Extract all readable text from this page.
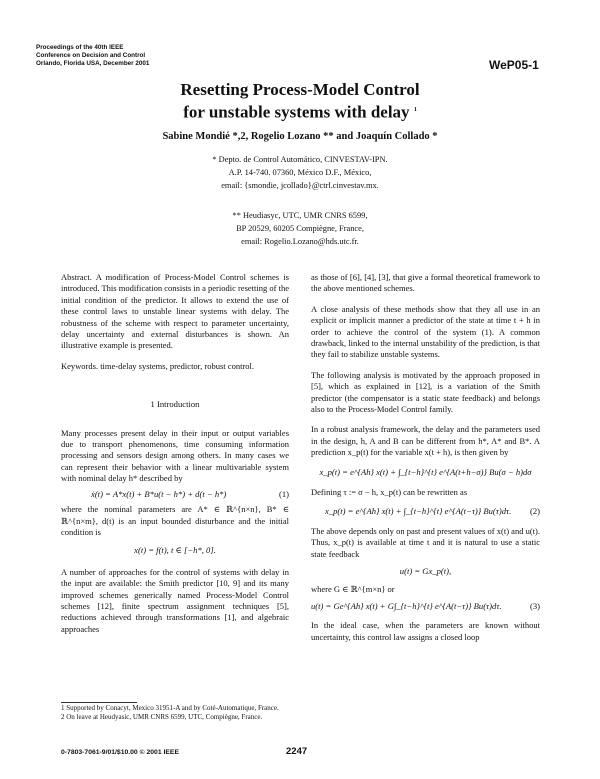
Proceedings of the 40th IEEE
Conference on Decision and Control
Orlando, Florida USA, December 2001	WeP05-1
Resetting Process-Model Control
for unstable systems with delay $^1$
Sabine Mondié *,2, Rogelio Lozano ** and Joaquín Collado *
* Depto. de Control Automático, CINVESTAV-IPN.
A.P. 14-740. 07360, México D.F., México,
email: {smondie, jcollado}@ctrl.cinvestav.mx.
** Heudiasyc, UTC, UMR CNRS 6599,
BP 20529, 60205 Compiègne, France,
email: Rogelio.Lozano@hds.utc.fr.

Abstract. A modification of Process-Model Control schemes is introduced. This modification consists in a periodic resetting of the initial condition of the predictor. It allows to extend the use of these control laws to unstable linear systems with delay. The robustness of the scheme with respect to parameter uncertainty, delay uncertainty and external disturbances is shown. An illustrative example is presented.

Keywords. time-delay systems, predictor, robust control.

1 Introduction

Many processes present delay in their input or output variables due to transport phenomenons, time consuming information processing and sensors design among others. In many cases we can represent their behavior with a linear multivariable system with nominal delay h* described by

ẋ(t) = A*x(t) + B*u(t − h*) + d(t − h*)	(1)

where the nominal parameters are A* ∈ ℝ^{n×n}, B* ∈ ℝ^{n×m}, d(t) is an input bounded disturbance and the initial condition is

x(t) = f(t), t ∈ [−h*, 0].

A number of approaches for the control of systems with delay in the input are available: the Smith predictor [10, 9] and its many improved schemes generically named Process-Model Control schemes [12], finite spectrum assignment techniques [5], reductions achieved through transformations [1], and algebraic approaches

1 Supported by Conacyt, Mexico 31951-A and by Coté-Automatique, France.
2 On leave at Heudyasic, UMR CNRS 6599, UTC, Compiègne, France.

as those of [6], [4], [3], that give a formal theoretical framework to the above mentioned schemes.

A close analysis of these methods show that they all use in an explicit or implicit manner a predictor of the state at time t + h in order to achieve the control of the system (1). A common drawback, linked to the internal unstability of the prediction, is that they fail to stabilize unstable systems.

The following analysis is motivated by the approach proposed in [5], which as explained in [12], is a variation of the Smith predictor (the compensator is a static state feedback) and belongs also to the Process-Model Control family.

In a robust analysis framework, the delay and the parameters used in the design, h, A and B can be different from h*, A* and B*. A prediction x_p(t) for the variable x(t + h), is then given by

x_p(t) = e^{Ah} x(t) + ∫_{t−h}^{t} e^{A(t+h−σ)} Bu(σ − h)dσ

Defining τ := σ − h, x_p(t) can be rewritten as

x_p(t) = e^{Ah} x(t) + ∫_{t−h}^{t} e^{A(t−τ)} Bu(τ)dτ. (2)

The above depends only on past and present values of x(t) and u(t). Thus, x_p(t) is available at time t and it is natural to use a static state feedback

u(t) = Gx_p(t),

where G ∈ ℝ^{m×n} or

u(t) = Ge^{Ah} x(t) + G∫_{t−h}^{t} e^{A(t−τ)} Bu(τ)dτ.	(3)

In the ideal case, when the parameters are known without uncertainty, this control law assigns a closed loop

0-7803-7061-9/01/$10.00 © 2001 IEEE	2247
